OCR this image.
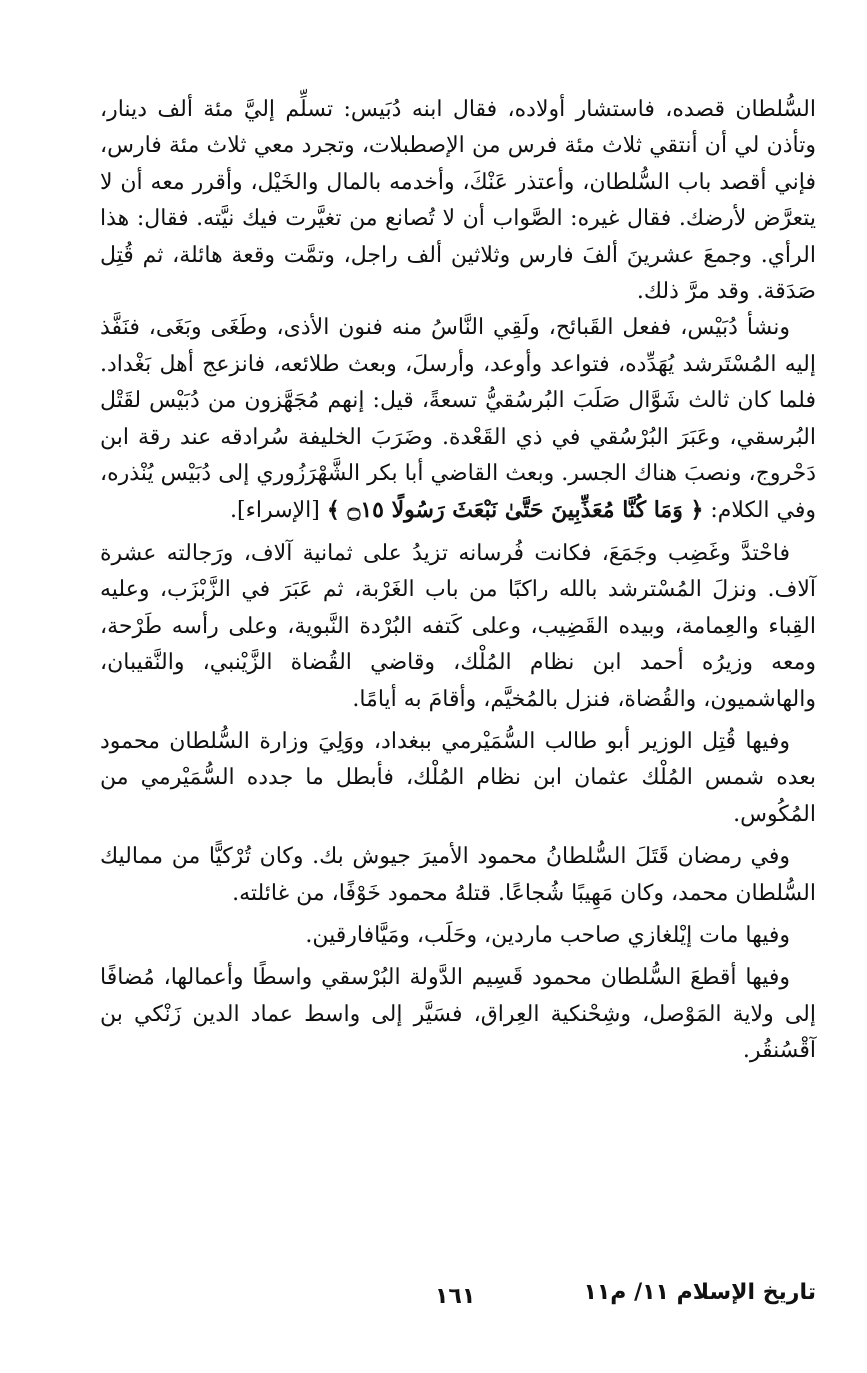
السُّلطان قصده، فاستشار أولاده، فقال ابنه دُبَيس: تسلِّم إليَّ مئة ألف دينار، وتأذن لي أن أنتقي ثلاث مئة فرس من الإصطبلات، وتجرد معي ثلاث مئة فارس، فإني أقصد باب السُّلطان، وأعتذر عَنْكَ، وأخدمه بالمال والخَيْل، وأقرر معه أن لا يتعرَّض لأرضك. فقال غيره: الصَّواب أن لا تُصانع من تغيَّرت فيك نيَّته. فقال: هذا الرأي. وجمعَ عشرينَ ألفَ فارس وثلاثين ألف راجل، وتمَّت وقعة هائلة، ثم قُتِل صَدَقة. وقد مرَّ ذلك.

ونشأ دُبَيْس، ففعل القَبائح، ولَقِي النَّاسُ منه فنون الأذى، وطَغَى وبَغَى، فنَفَّذ إليه المُسْتَرشد يُهَدِّده، فتواعد وأوعد، وأرسلَ، وبعث طلائعه، فانزعج أهل بَغْداد. فلما كان ثالث شَوَّال صَلَبَ البُرسُقيُّ تسعةً، قيل: إنهم مُجَهَّزون من دُبَيْس لقَتْل البُرسقي، وعَبَرَ البُرْسُقي في ذي القَعْدة. وضَرَبَ الخليفة سُرادقه عند رقة ابن دَحْروج، ونصبَ هناك الجسر. وبعث القاضي أبا بكر الشَّهْرَزُوري إلى دُبَيْس يُنْذره، وفي الكلام: ﴿ وَمَا كُنَّا مُعَذِّبِينَ حَتَّىٰ نَبْعَثَ رَسُولًا ۝١٥ ﴾ [الإسراء].

فاحْتدَّ وغَضِب وجَمَعَ، فكانت فُرسانه تزيدُ على ثمانية آلاف، ورَجالته عشرة آلاف. ونزلَ المُسْترشد بالله راكبًا من باب الغَرْبة، ثم عَبَرَ في الزَّبْزَب، وعليه القِباء والعِمامة، وبيده القَضِيب، وعلى كَتفه البُرْدة النَّبوية، وعلى رأسه طَرْحة، ومعه وزيرُه أحمد ابن نظام المُلْك، وقاضي القُضاة الزَّيْنبي، والنَّقيبان، والهاشميون، والقُضاة، فنزل بالمُخيَّم، وأقامَ به أيامًا.

وفيها قُتِل الوزير أبو طالب السُّمَيْرمي ببغداد، ووَلِيَ وزارة السُّلطان محمود بعده شمس المُلْك عثمان ابن نظام المُلْك، فأبطل ما جدده السُّمَيْرمي من المُكُوس.

وفي رمضان قَتَلَ السُّلطانُ محمود الأميرَ جيوش بك. وكان تُرْكيًّا من مماليك السُّلطان محمد، وكان مَهِيبًا شُجاعًا. قتلهُ محمود خَوْفًا، من غائلته.

وفيها مات إيْلغازي صاحب ماردين، وحَلَب، ومَيَّافارقين.

وفيها أقطعَ السُّلطان محمود قَسِيم الدَّولة البُرْسقي واسطًا وأعمالها، مُضافًا إلى ولاية المَوْصل، وشِحْنكية العِراق، فسَيَّر إلى واسط عماد الدين زَنْكي بن آقْسُنقُر.

تاريخ الإسلام ١١/ م١١
١٦١
